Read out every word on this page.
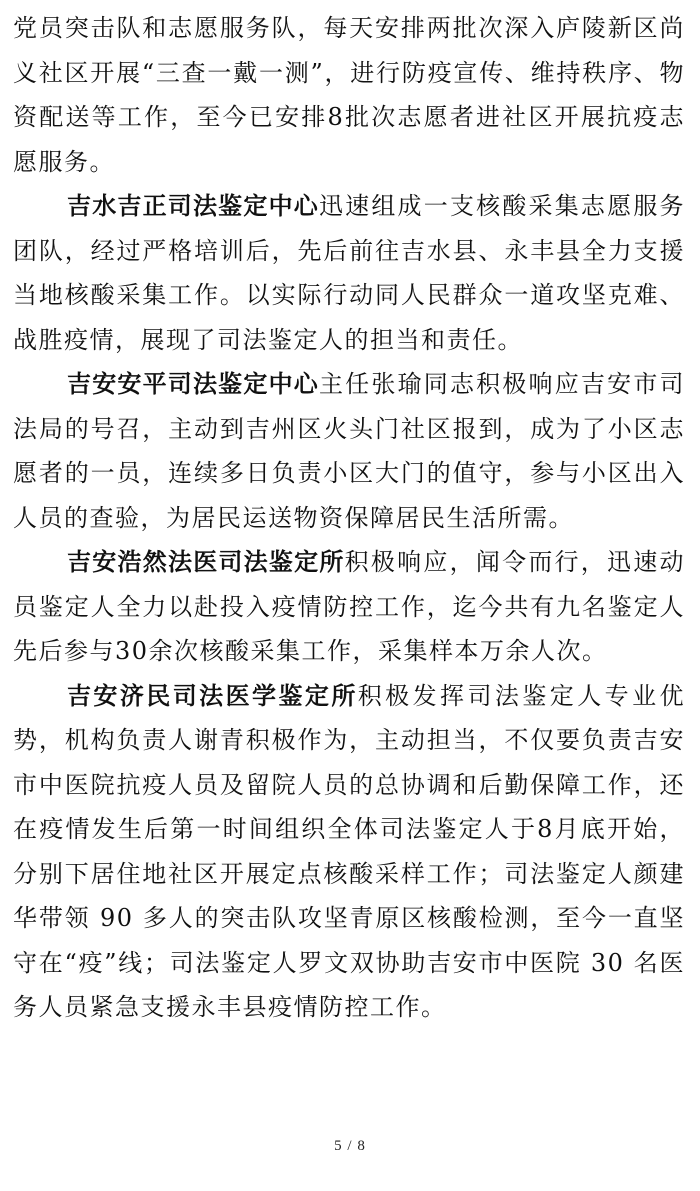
党员突击队和志愿服务队，每天安排两批次深入庐陵新区尚义社区开展“三查一戴一测”，进行防疫宣传、维持秩序、物资配送等工作，至今已安排8批次志愿者进社区开展抗疫志愿服务。

吉水吉正司法鉴定中心迅速组成一支核酸采集志愿服务团队，经过严格培训后，先后前往吉水县、永丰县全力支援当地核酸采集工作。以实际行动同人民群众一道攻坚克难、战胜疫情，展现了司法鉴定人的担当和责任。

吉安安平司法鉴定中心主任张瑜同志积极响应吉安市司法局的号召，主动到吉州区火头门社区报到，成为了小区志愿者的一员，连续多日负责小区大门的值守，参与小区出入人员的查验，为居民运送物资保障居民生活所需。

吉安浩然法医司法鉴定所积极响应，闻令而行，迅速动员鉴定人全力以赴投入疫情防控工作，迄今共有九名鉴定人先后参与30余次核酸采集工作，采集样本万余人次。

吉安济民司法医学鉴定所积极发挥司法鉴定人专业优势，机构负责人谢青积极作为，主动担当，不仅要负责吉安市中医院抗疫人员及留院人员的总协调和后勤保障工作，还在疫情发生后第一时间组织全体司法鉴定人于8月底开始，分别下居住地社区开展定点核酸采样工作；司法鉴定人颜建华带领 90 多人的突击队攻坚青原区核酸检测，至今一直坚守在“疫”线；司法鉴定人罗文双协助吉安市中医院 30 名医务人员紧急支援永丰县疫情防控工作。

5 / 8
